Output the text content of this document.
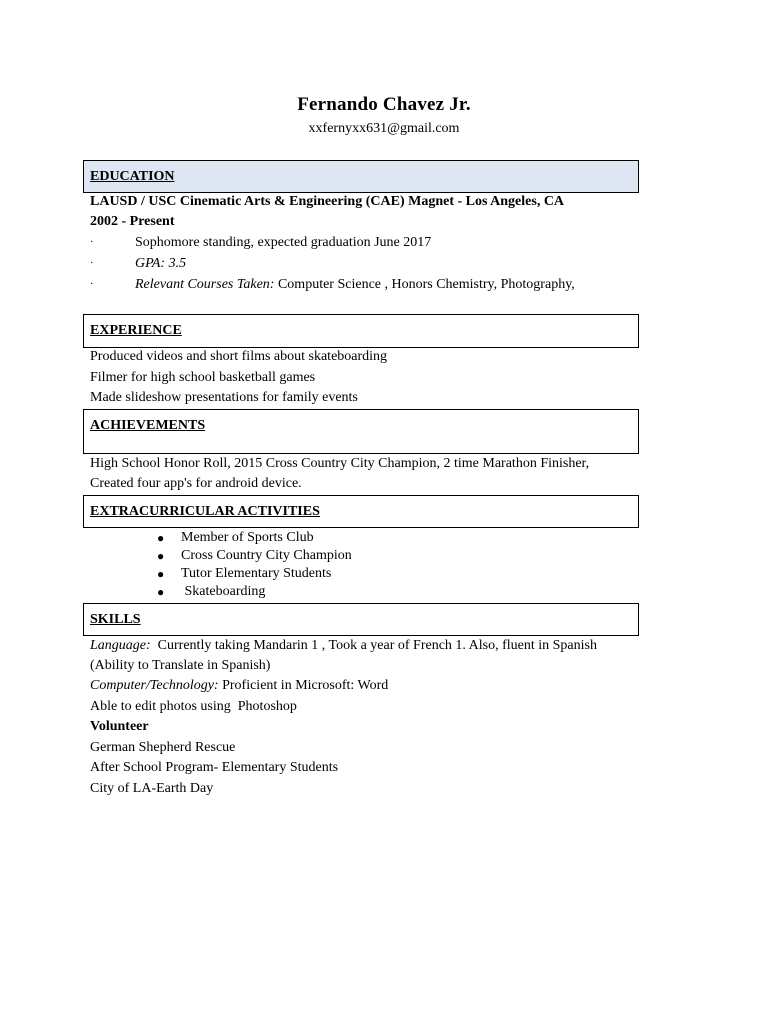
Fernando Chavez Jr.
xxfernyxx631@gmail.com
EDUCATION
LAUSD / USC Cinematic Arts & Engineering (CAE) Magnet - Los Angeles, CA
2002 - Present
·	Sophomore standing, expected graduation June 2017
·	GPA: 3.5
·	Relevant Courses Taken: Computer Science , Honors Chemistry, Photography,
EXPERIENCE
Produced videos and short films about skateboarding
Filmer for high school basketball games
Made slideshow presentations for family events
ACHIEVEMENTS
High School Honor Roll, 2015 Cross Country City Champion, 2 time Marathon Finisher,
Created four app's for android device.
EXTRACURRICULAR ACTIVITIES
● Member of Sports Club
● Cross Country City Champion
● Tutor Elementary Students
● Skateboarding
SKILLS
Language:  Currently taking Mandarin 1 , Took a year of French 1. Also, fluent in Spanish
(Ability to Translate in Spanish)
Computer/Technology: Proficient in Microsoft: Word
Able to edit photos using  Photoshop
Volunteer
German Shepherd Rescue
After School Program- Elementary Students
City of LA-Earth Day
